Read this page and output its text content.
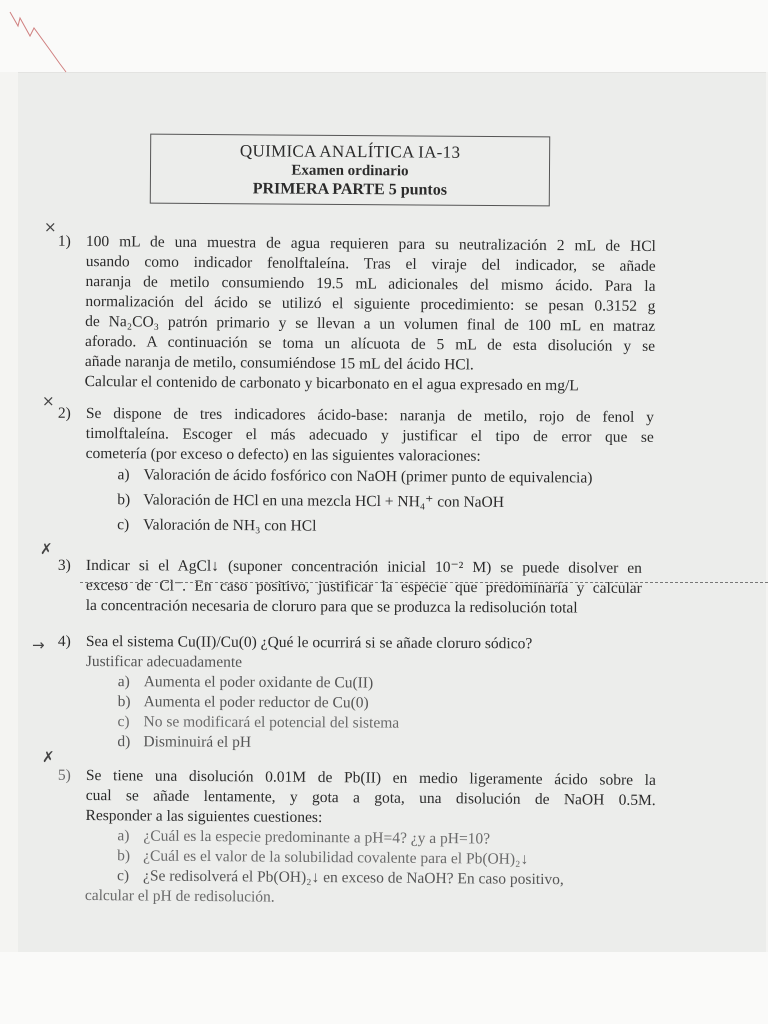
QUIMICA ANALÍTICA IA-13
Examen ordinario
PRIMERA PARTE 5 puntos
×
1) 100 mL de una muestra de agua requieren para su neutralización 2 mL de HCl

usando como indicador fenolftaleína. Tras el viraje del indicador, se añade

naranja de metilo consumiendo 19.5 mL adicionales del mismo ácido. Para la

normalización del ácido se utilizó el siguiente procedimiento: se pesan 0.3152 g

de Na₂CO₃ patrón primario y se llevan a un volumen final de 100 mL en matraz

aforado. A continuación se toma un alícuota de 5 mL de esta disolución y se

añade naranja de metilo, consumiéndose 15 mL del ácido HCl.

Calcular el contenido de carbonato y bicarbonato en el agua expresado en mg/L

×
2) Se dispone de tres indicadores ácido-base: naranja de metilo, rojo de fenol y

timolftaleína. Escoger el más adecuado y justificar el tipo de error que se

cometería (por exceso o defecto) en las siguientes valoraciones:

a) Valoración de ácido fosfórico con NaOH (primer punto de equivalencia)

b) Valoración de HCl en una mezcla HCl + NH₄⁺ con NaOH

c) Valoración de NH₃ con HCl

✗
3) Indicar si el AgCl↓ (suponer concentración inicial 10⁻² M) se puede disolver en

exceso de Cl⁻. En caso positivo, justificar la especie que predominaría y calcular

la concentración necesaria de cloruro para que se produzca la redisolución total

→ 4) Sea el sistema Cu(II)/Cu(0) ¿Qué le ocurrirá si se añade cloruro sódico?

Justificar adecuadamente

a) Aumenta el poder oxidante de Cu(II)

b) Aumenta el poder reductor de Cu(0)

c) No se modificará el potencial del sistema

d) Disminuirá el pH

✗
5) Se tiene una disolución 0.01M de Pb(II) en medio ligeramente ácido sobre la

cual se añade lentamente, y gota a gota, una disolución de NaOH 0.5M.

Responder a las siguientes cuestiones:

a) ¿Cuál es la especie predominante a pH=4? ¿y a pH=10?

b) ¿Cuál es el valor de la solubilidad covalente para el Pb(OH)₂↓

c) ¿Se redisolverá el Pb(OH)₂↓ en exceso de NaOH? En caso positivo,

calcular el pH de redisolución.
